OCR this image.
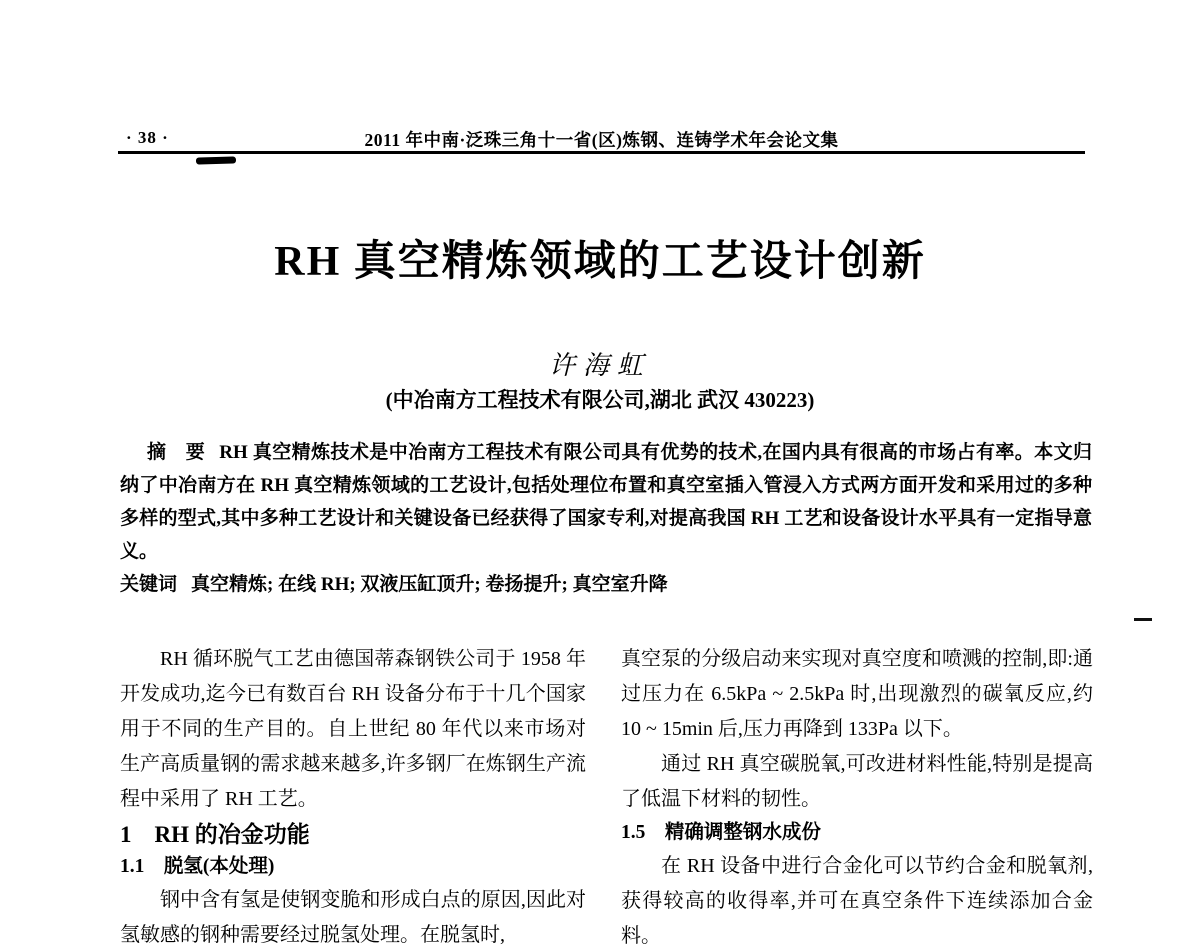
· 38 ·	2011 年中南·泛珠三角十一省(区)炼钢、连铸学术年会论文集
RH 真空精炼领域的工艺设计创新
许海虹
(中冶南方工程技术有限公司,湖北 武汉 430223)

摘　要 RH 真空精炼技术是中冶南方工程技术有限公司具有优势的技术,在国内具有很高的市场占有率。本文归纳了中冶南方在 RH 真空精炼领域的工艺设计,包括处理位布置和真空室插入管浸入方式两方面开发和采用过的多种多样的型式,其中多种工艺设计和关键设备已经获得了国家专利,对提高我国 RH 工艺和设备设计水平具有一定指导意义。

关键词 真空精炼; 在线 RH; 双液压缸顶升; 卷扬提升; 真空室升降

RH 循环脱气工艺由德国蒂森钢铁公司于 1958 年开发成功,迄今已有数百台 RH 设备分布于十几个国家用于不同的生产目的。自上世纪 80 年代以来市场对生产高质量钢的需求越来越多,许多钢厂在炼钢生产流程中采用了 RH 工艺。

1　RH 的冶金功能
1.1　脱氢(本处理)

钢中含有氢是使钢变脆和形成白点的原因,因此对氢敏感的钢种需要经过脱氢处理。在脱氢时,

真空泵的分级启动来实现对真空度和喷溅的控制,即:通过压力在 6.5kPa ~ 2.5kPa 时,出现激烈的碳氧反应,约 10 ~ 15min 后,压力再降到 133Pa 以下。

通过 RH 真空碳脱氧,可改进材料性能,特别是提高了低温下材料的韧性。

1.5　精确调整钢水成份

在 RH 设备中进行合金化可以节约合金和脱氧剂,获得较高的收得率,并可在真空条件下连续添加合金料。
